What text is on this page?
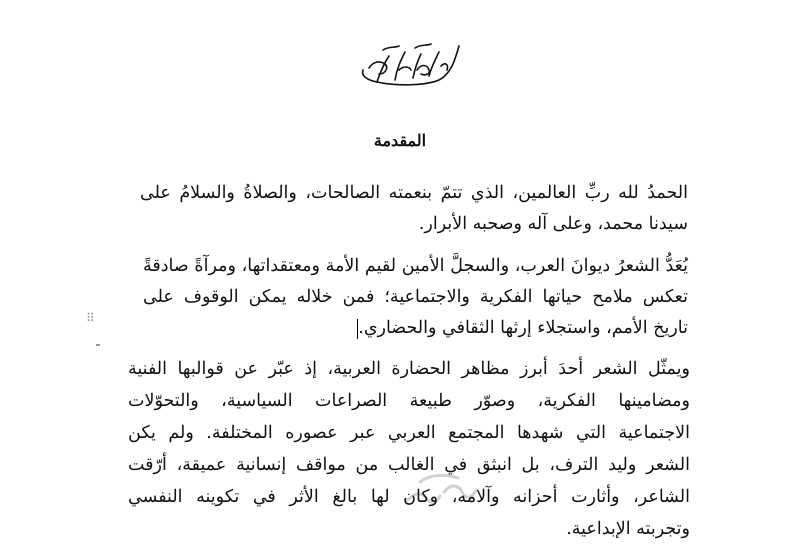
المقدمة
الحمدُ لله ربِّ العالمين، الذي تتمّ بنعمته الصالحات، والصلاةُ والسلامُ على
سيدنا محمد، وعلى آله وصحبه الأبرار.
يُعَدُّ الشعرُ ديوانَ العرب، والسجلَّ الأمين لقيم الأمة ومعتقداتها، ومرآةً صادقةً
تعكس ملامح حياتها الفكرية والاجتماعية؛ فمن خلاله يمكن الوقوف على
تاريخ الأمم، واستجلاء إرثها الثقافي والحضاري.
⠿
ويمثّل الشعر أحدَ أبرز مظاهر الحضارة العربية، إذ عبّر عن قوالبها الفنية
ومضامينها الفكرية، وصوّر طبيعة الصراعات السياسية، والتحوّلات
الاجتماعية التي شهدها المجتمع العربي عبر عصوره المختلفة. ولم يكن
الشعر وليد الترف، بل انبثق في الغالب من مواقف إنسانية عميقة، أرّقت
الشاعر، وأثارت أحزانه وآلامه، وكان لها بالغ الأثر في تكوينه النفسي
وتجربته الإبداعية.
